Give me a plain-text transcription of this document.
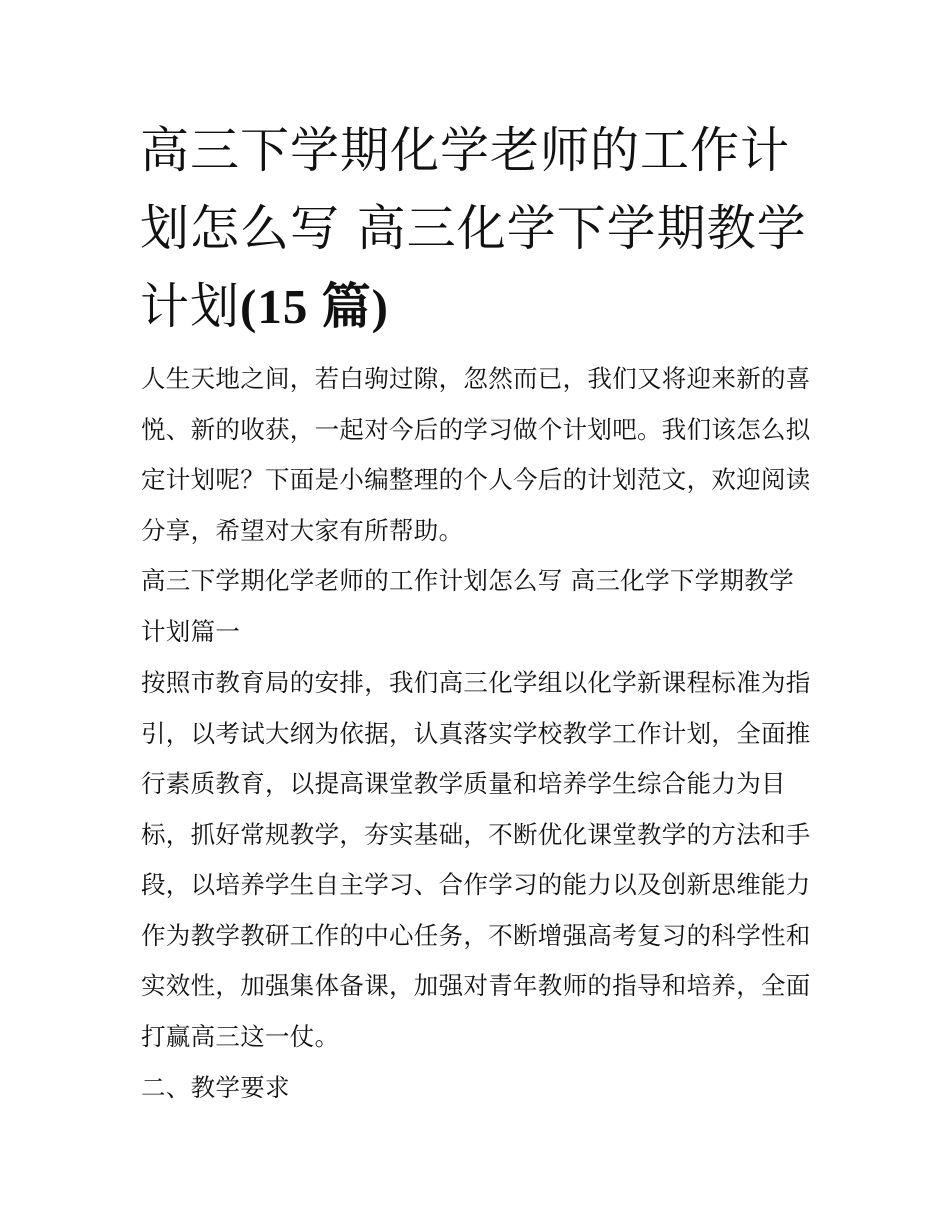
高三下学期化学老师的工作计划怎么写 高三化学下学期教学计划(15 篇)

人生天地之间，若白驹过隙，忽然而已，我们又将迎来新的喜悦、新的收获，一起对今后的学习做个计划吧。我们该怎么拟定计划呢？下面是小编整理的个人今后的计划范文，欢迎阅读分享，希望对大家有所帮助。

高三下学期化学老师的工作计划怎么写 高三化学下学期教学计划篇一

按照市教育局的安排，我们高三化学组以化学新课程标准为指引，以考试大纲为依据，认真落实学校教学工作计划，全面推行素质教育，以提高课堂教学质量和培养学生综合能力为目标，抓好常规教学，夯实基础，不断优化课堂教学的方法和手段，以培养学生自主学习、合作学习的能力以及创新思维能力作为教学教研工作的中心任务，不断增强高考复习的科学性和实效性，加强集体备课，加强对青年教师的指导和培养，全面打赢高三这一仗。

二、教学要求
